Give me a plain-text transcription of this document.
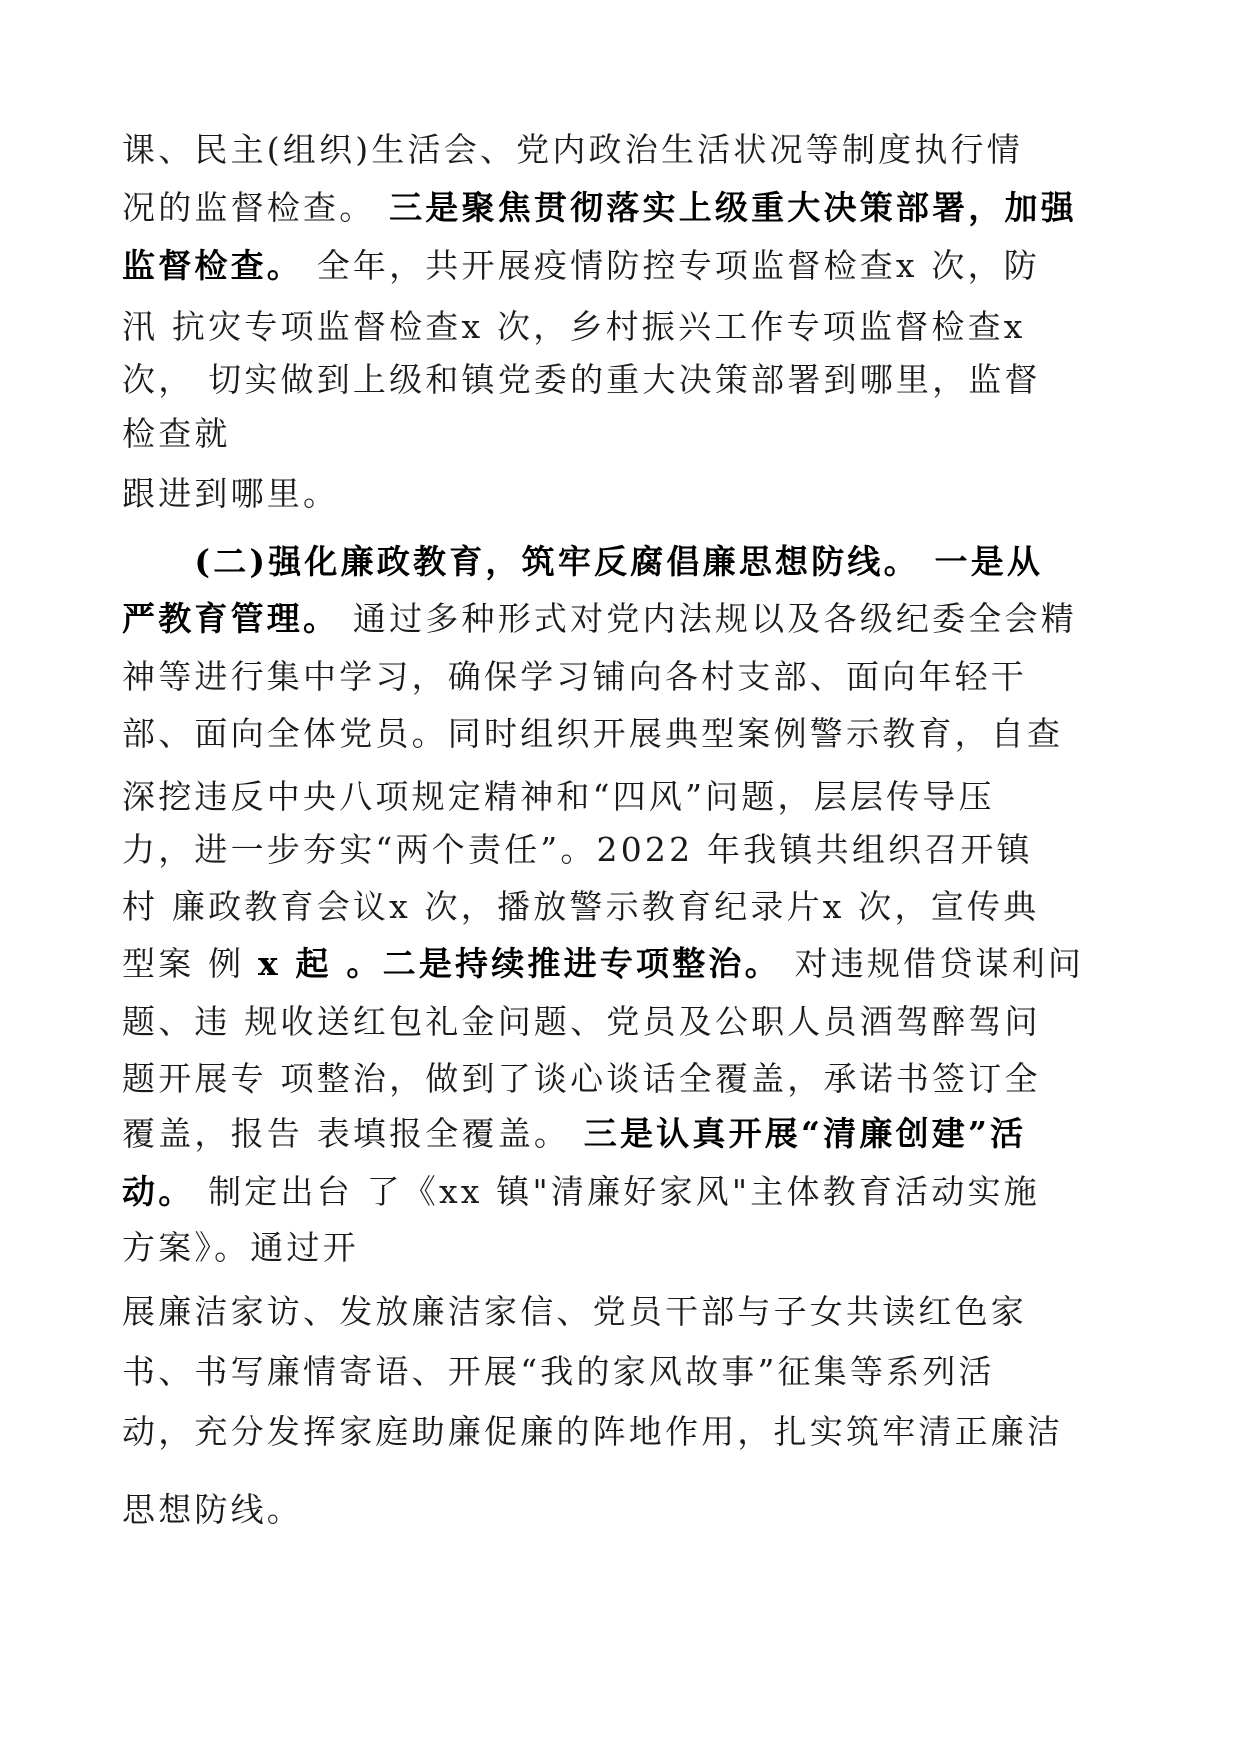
课、民主(组织)生活会、党内政治生活状况等制度执行情
况的监督检查。 三是聚焦贯彻落实上级重大决策部署，加强
监督检查。 全年，共开展疫情防控专项监督检查x 次，防
汛 抗灾专项监督检查x 次，乡村振兴工作专项监督检查x
次， 切实做到上级和镇党委的重大决策部署到哪里，监督
检查就
跟进到哪里。
　　(二)强化廉政教育，筑牢反腐倡廉思想防线。 一是从
严教育管理。 通过多种形式对党内法规以及各级纪委全会精
神等进行集中学习，确保学习铺向各村支部、面向年轻干
部、面向全体党员。同时组织开展典型案例警示教育，自查
深挖违反中央八项规定精神和“四风”问题，层层传导压
力，进一步夯实“两个责任”。2022 年我镇共组织召开镇
村 廉政教育会议x 次，播放警示教育纪录片x 次，宣传典
型案 例 x 起 。二是持续推进专项整治。 对违规借贷谋利问
题、违 规收送红包礼金问题、党员及公职人员酒驾醉驾问
题开展专 项整治，做到了谈心谈话全覆盖，承诺书签订全
覆盖，报告 表填报全覆盖。 三是认真开展“清廉创建”活
动。 制定出台 了《xx 镇"清廉好家风"主体教育活动实施
方案》。通过开
展廉洁家访、发放廉洁家信、党员干部与子女共读红色家
书、书写廉情寄语、开展“我的家风故事”征集等系列活
动，充分发挥家庭助廉促廉的阵地作用，扎实筑牢清正廉洁
思想防线。
